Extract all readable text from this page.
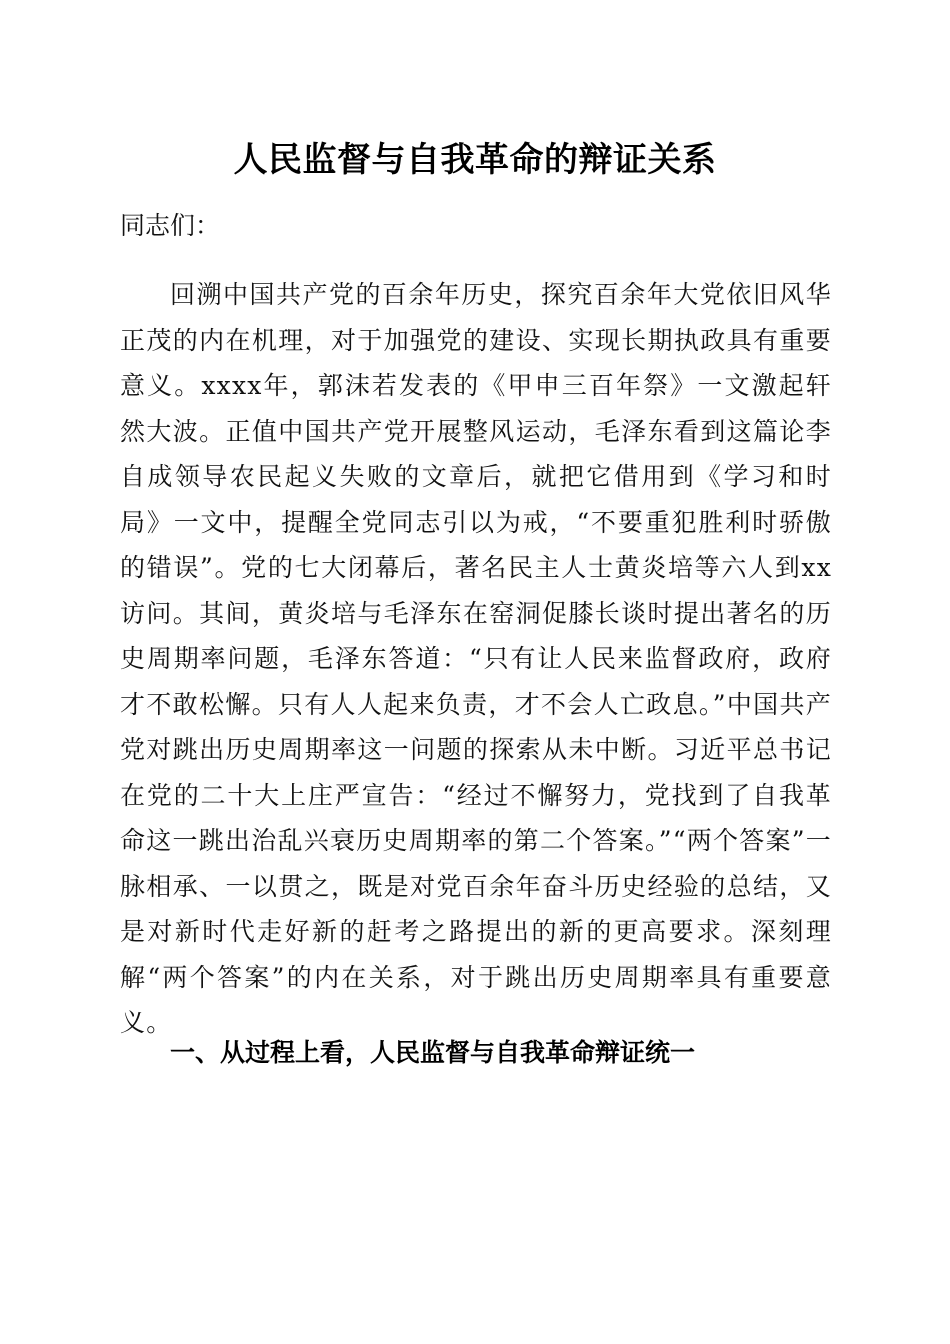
人民监督与自我革命的辩证关系
同志们：
回溯中国共产党的百余年历史，探究百余年大党依旧风华正茂的内在机理，对于加强党的建设、实现长期执政具有重要意义。xxxx年，郭沫若发表的《甲申三百年祭》一文激起轩然大波。正值中国共产党开展整风运动，毛泽东看到这篇论李自成领导农民起义失败的文章后，就把它借用到《学习和时局》一文中，提醒全党同志引以为戒，“不要重犯胜利时骄傲的错误”。党的七大闭幕后，著名民主人士黄炎培等六人到xx访问。其间，黄炎培与毛泽东在窑洞促膝长谈时提出著名的历史周期率问题，毛泽东答道：“只有让人民来监督政府，政府才不敢松懈。只有人人起来负责，才不会人亡政息。”中国共产党对跳出历史周期率这一问题的探索从未中断。习近平总书记在党的二十大上庄严宣告：“经过不懈努力，党找到了自我革命这一跳出治乱兴衰历史周期率的第二个答案。”“两个答案”一脉相承、一以贯之，既是对党百余年奋斗历史经验的总结，又是对新时代走好新的赶考之路提出的新的更高要求。深刻理解“两个答案”的内在关系，对于跳出历史周期率具有重要意义。
一、从过程上看，人民监督与自我革命辩证统一
